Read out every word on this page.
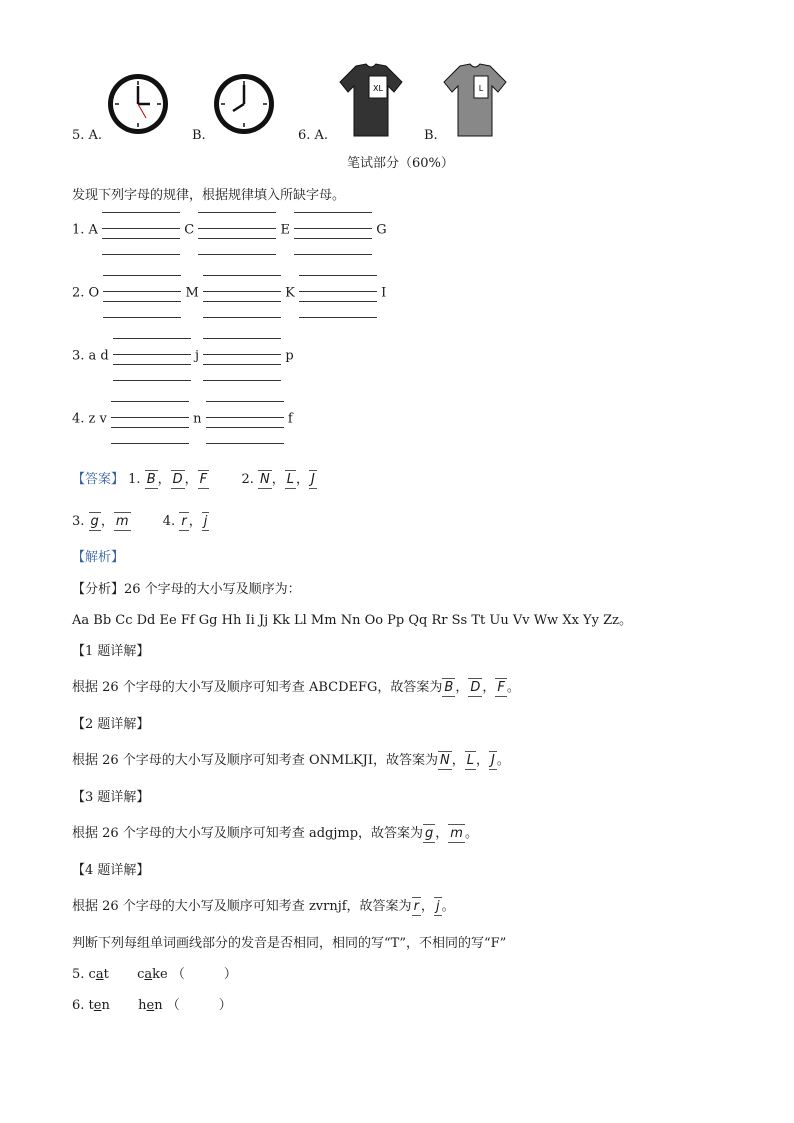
5. A.	B.	6. A.
XL
B.
L
笔试部分（60%）
发现下列字母的规律，根据规律填入所缺字母。
1. A	C	E	G
2. O	M	K	I
3. a d	j	p
4. z v	n	f
【答案】 1. B ， D ， F	2. N ， L ， J
3. g ， m	4. r ， j
【解析】
【分析】26 个字母的大小写及顺序为：
Aa Bb Cc Dd Ee Ff Gg Hh Ii Jj Kk Ll Mm Nn Oo Pp Qq Rr Ss Tt Uu Vv Ww Xx Yy Zz。
【1 题详解】
根据 26 个字母的大小写及顺序可知考查 ABCDEFG，故答案为 B ， D ， F 。
【2 题详解】
根据 26 个字母的大小写及顺序可知考查 ONMLKJI，故答案为 N ， L ， J 。
【3 题详解】
根据 26 个字母的大小写及顺序可知考查 adgjmp，故答案为 g ， m 。
【4 题详解】
根据 26 个字母的大小写及顺序可知考查 zvrnjf，故答案为 r ， j 。
判断下列每组单词画线部分的发音是否相同，相同的写“T”，不相同的写“F”
5. cat cake （　　　）
6. ten hen （　　　）
